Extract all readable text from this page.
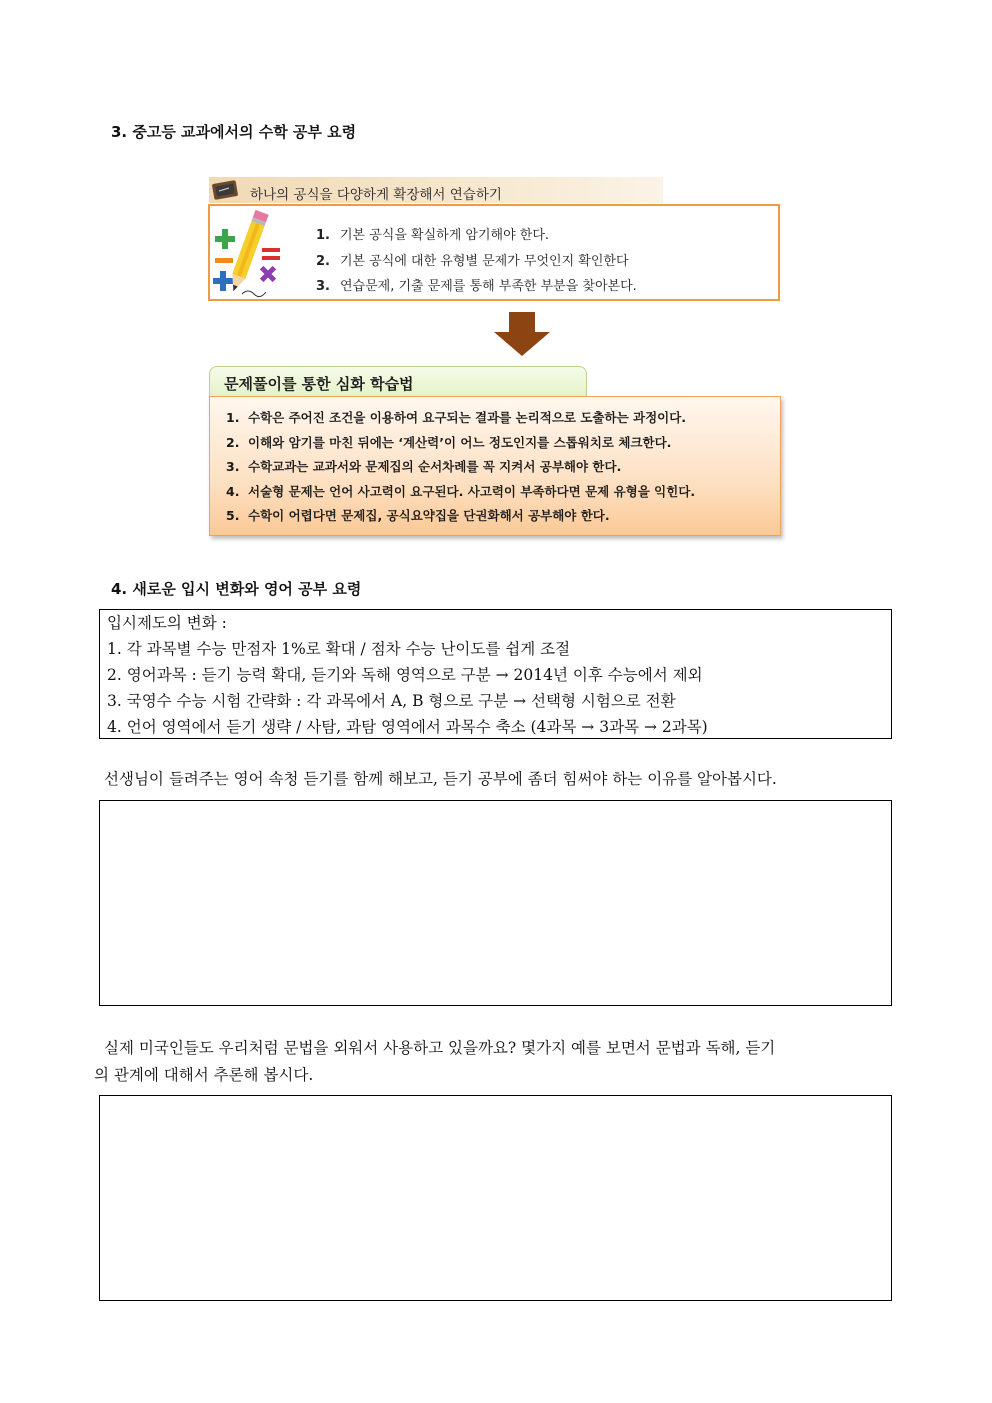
3. 중고등 교과에서의 수학 공부 요령
하나의 공식을 다양하게 확장해서 연습하기
1. 기본 공식을 확실하게 암기해야 한다.
2. 기본 공식에 대한 유형별 문제가 무엇인지 확인한다
3. 연습문제, 기출 문제를 통해 부족한 부분을 찾아본다.
문제풀이를 통한 심화 학습법
1. 수학은 주어진 조건을 이용하여 요구되는 결과를 논리적으로 도출하는 과정이다.
2. 이해와 암기를 마친 뒤에는 ‘계산력’이 어느 정도인지를 스톱워치로 체크한다.
3. 수학교과는 교과서와 문제집의 순서차례를 꼭 지켜서 공부해야 한다.
4. 서술형 문제는 언어 사고력이 요구된다. 사고력이 부족하다면 문제 유형을 익힌다.
5. 수학이 어렵다면 문제집, 공식요약집을 단권화해서 공부해야 한다.
4. 새로운 입시 변화와 영어 공부 요령
입시제도의 변화 :
1. 각 과목별 수능 만점자 1%로 확대 / 점차 수능 난이도를 쉽게 조절
2. 영어과목 : 듣기 능력 확대, 듣기와 독해 영역으로 구분 → 2014년 이후 수능에서 제외
3. 국영수 수능 시험 간략화 : 각 과목에서 A, B 형으로 구분 → 선택형 시험으로 전환
4. 언어 영역에서 듣기 생략 / 사탐, 과탐 영역에서 과목수 축소 (4과목 → 3과목 → 2과목)
선생님이 들려주는 영어 속청 듣기를 함께 해보고, 듣기 공부에 좀더 힘써야 하는 이유를 알아봅시다.
실제 미국인들도 우리처럼 문법을 외워서 사용하고 있을까요? 몇가지 예를 보면서 문법과 독해, 듣기
의 관계에 대해서 추론해 봅시다.
